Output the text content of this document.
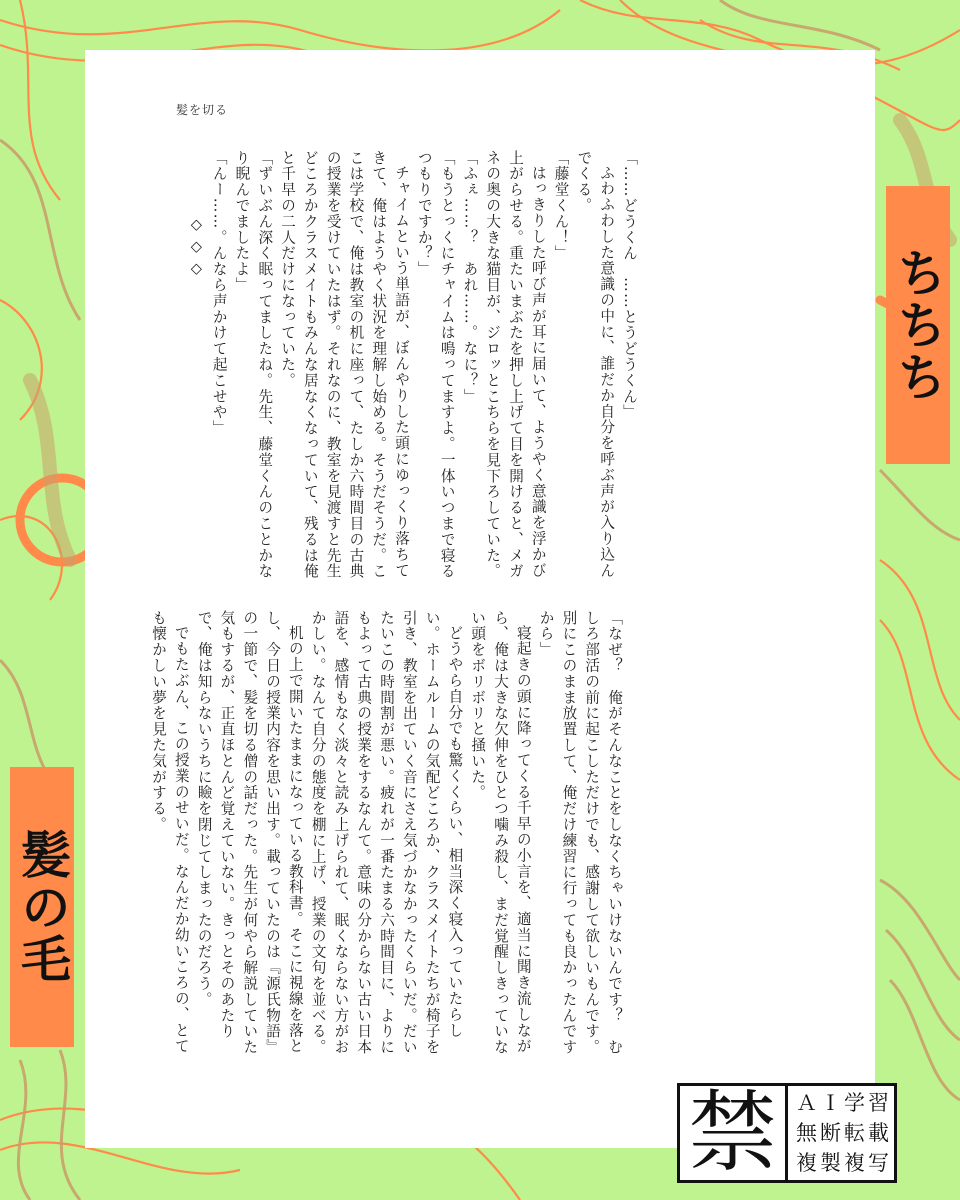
髪を切る

「……どうくん　……とうどうくん」

ふわふわした意識の中に、誰だか自分を呼ぶ声が入り込んでくる。

「藤堂くん！」

はっきりした呼び声が耳に届いて、ようやく意識を浮かび上がらせる。重たいまぶたを押し上げて目を開けると、メガネの奥の大きな猫目が、ジロッとこちらを見下ろしていた。

「ふぇ……？　あれ……。なに？」

「もうとっくにチャイムは鳴ってますよ。一体いつまで寝るつもりですか？」

チャイムという単語が、ぼんやりした頭にゆっくり落ちてきて、俺はようやく状況を理解し始める。そうだそうだ。ここは学校で、俺は教室の机に座って、たしか六時間目の古典の授業を受けていたはず。それなのに、教室を見渡すと先生どころかクラスメイトもみんな居なくなっていて、残るは俺と千早の二人だけになっていた。

「ずいぶん深く眠ってましたね。先生、藤堂くんのことかなり睨んでましたよ」

「んー……。んなら声かけて起こせや」

◇◇◇

「なぜ？　俺がそんなことをしなくちゃいけないんです？　むしろ部活の前に起こしただけでも、感謝して欲しいもんです。別にこのまま放置して、俺だけ練習に行っても良かったんですから」

寝起きの頭に降ってくる千早の小言を、適当に聞き流しながら、俺は大きな欠伸をひとつ噛み殺し、まだ覚醒しきっていない頭をボリボリと掻いた。

どうやら自分でも驚くくらい、相当深く寝入っていたらしい。ホームルームの気配どころか、クラスメイトたちが椅子を引き、教室を出ていく音にさえ気づかなかったくらいだ。だいたいこの時間割が悪い。疲れが一番たまる六時間目に、よりにもよって古典の授業をするなんて。意味の分からない古い日本語を、感情もなく淡々と読み上げられて、眠くならない方がおかしい。なんて自分の態度を棚に上げ、授業の文句を並べる。

机の上で開いたままになっている教科書。そこに視線を落とし、今日の授業内容を思い出す。載っていたのは『源氏物語』の一節で、髪を切る僧の話だった。先生が何やら解説していた気もするが、正直ほとんど覚えていない。きっとそのあたりで、俺は知らないうちに瞼を閉じてしまったのだろう。

でもたぶん、この授業のせいだ。なんだか幼いころの、とても懐かしい夢を見た気がする。

ちちち
髪の毛
禁 ＡＩ学習
無断転載
複製複写
